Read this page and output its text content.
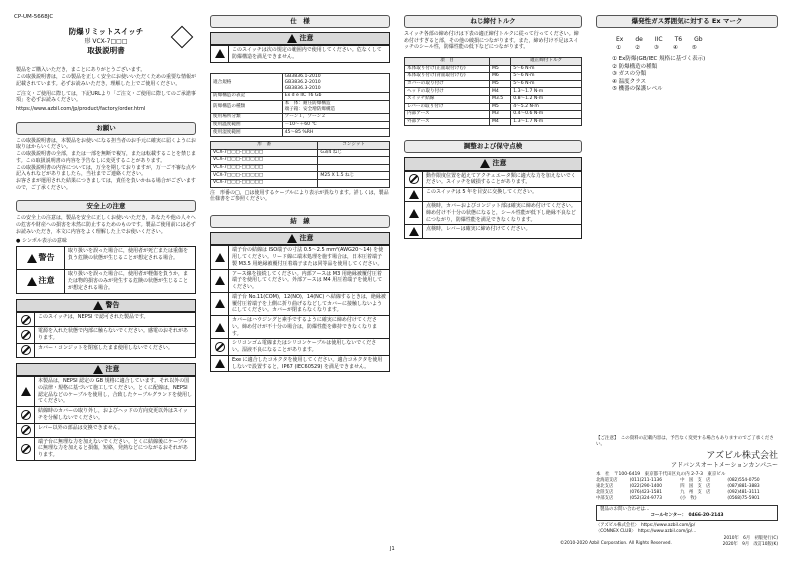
CP-UM-5668JC
防爆リミットスイッチ
形 VCX-7□□□
取扱説明書
製品をご購入いただき，まことにありがとうございます。
この取扱説明書は，この製品を正しく安全にお使いいただくための重要な情報が記載されています。必ずお読みいただき，理解した上でご使用ください。
ご注文・ご使用に際しては，下記URLより「ご注文・ご使用に際してのご承諾事項」を必ずお読みください。
https://www.azbil.com/jp/product/factory/order.html
お願い
この取扱説明書は，本製品をお使いになる担当者のお手元に確実に届くようにお取りはからいください。
この取扱説明書の全部，または一部を無断で複写，または転載することを禁じます。この取扱説明書の内容を予告なしに変更することがあります。
この取扱説明書の内容については，万全を期しておりますが，万一ご不審な点や記入もれなどがありましたら，当社までご連絡ください。
お客さまが運用された結果につきましては，責任を負いかねる場合がございますので，ご了承ください。
安全上の注意
この安全上の注意は，製品を安全に正しくお使いいただき，あなたや他の人々への危害や財産への損害を未然に防止するためのものです。製品ご使用前には必ずお読みいただき，本文に内容をよく理解した上でお使いください。
● シンボル表示の意味
警告
取り扱いを誤った場合に，使用者が死亡または重傷を負う危険の状態が生じることが想定される場合。
注意
取り扱いを誤った場合に，使用者が軽傷を負うか，または物的損害のみが発生する危険の状態が生じることが想定される場合。
警告
このスイッチは，NEPSI で認可された製品です。
電源を入れた状態で内部に触らないでください。感電のおそれがあります。
カバー・コンジットを閉塞したまま使用しないでください。
注意
本製品は，NEPSI 認定の GB 規格に適合しています。それ以外の国の法律・規格に基づいて施工してください。とくに配線は，NEPSI 認定品などのケーブルを使用し，合致したケーブルグランドを使用してください。
結線時のカバーの取り外し，およびヘッドの方向変更以外はスイッチを分解しないでください。
レバー以外の部品は交換できません。
端子台に無理な力を加えないでください。とくに結線後にケーブルに無理な力を加えると損傷，短絡，発熱などにつながるおそれがあります。
仕　様
注意
このスイッチは次の規定の範囲内で使用してください。危なくして防爆構造を満足できません。
適合規格	GB3836.1-2010
GB3836.2-2010
GB3836.3-2010
防爆構造の表記	Ex d e IIC T6 Gb
防爆構造の種類	本　体：耐圧防爆構造
端子箱：安全増防爆構造
使用場所分類	ゾーン１，ゾーン２
使用温度範囲	－10〜＋60 ℃
使用湿度範囲	45〜85 %RH
形　番	コンジット
VCX-7□□□-□□□□□	G3/4 ねじ
VCX-7□□□-□□□□□	
VCX-7□□□-□□□□□	
VCX-7□□□-□□□□□	M25 X 1.5 ねじ
VCX-7□□□-□□□□□	
注　形番の□，□は使用するケーブルにより表示が異なります。詳しくは，製品仕様書をご参照ください。
結　線
注意
端子台の結線は ISO端子の寸法 0.5〜2.5 mm²(AWG20〜14) を使用してください。リード線に端末処理を施す場合は，日本圧着端子製 M3.5 用絶縁被覆付圧着端子または同等品を使用してください。
アース線を接続してください。内部アースは M3 用絶縁被覆付圧着端子を使用してください。外部アースは M4 用圧着端子を使用してください。
端子台 No.11(COM)，12(NO)，14(NC) へ結線するときは，絶縁被覆付圧着端子を上側に折り曲げるなどしてカバーに接触しないようにしてください。カバーが閉まらなくなります。
カバーはハウジングと素手でするように確実に締め付けてください。締め付けが不十分の場合は，防爆性能を維持できなくなります。
シリコンゴム電線またはシリコンケーブルは使用しないでください。湿液不良になることがあります。
Exe に適合したコネクタを使用してください。適合コネクタを使用しないで設置すると，IP67 (IEC60529) を満足できません。
ねじ締付トルク
スイッチ各部の締め付けは下表の適正締付トルクに従って行ってください。締め付けすぎると部，その他の破損につながります。また，締め付け不足はスイッチのシール性，防爆性能の低下などにつながります。
項　目		適正締付トルク
本体取り付け(正面取付けむ)	M5	5〜6 N·m
本体取り付け(背面取付けむ)	M6	5〜6 N·m
カバーの取り付け	M5	5〜6 N·m
ヘッドの取り付け	M4	1.3〜1.7 N·m
スイッチ結線	M3.5	0.8〜1.2 N·m
レバーの取り付け	M5	4〜5.2 N·m
内部アース	M3	0.4〜0.6 N·m
外部アース	M4	1.3〜1.7 N·m
調整および保守点検
注意
動作限度位置を超えてアクチュエータ類に適大な力を加えないでください。スイッチを破損することがあります。
このスイッチは 5 年を目安に交換してください。
点検時，カバーおよびコンジット部は確実に締め付けてください。締め付け不十分の状態になると，シール性能が低下し絶縁不良などにつながり，防爆性能を満足できなくなります。
点検時，レバーは確実に締め付けてください。
爆発性ガス雰囲気に対する Ex マーク
Ex de IIC T6 Gb
①	②	③	④	⑤
① Ex防爆(GB/IEC 規格に基づく表示)
② 防爆構造の種類
③ ガスの分類
④ 温度クラス
⑤ 機器の保護レベル
【ご注意】　この資料の記載内容は，予告なく変更する場合もありますのでご了承ください。
アズビル株式会社
アドバンスオートメーションカンパニー
本　社　〒100-6419　東京都千代田区丸の内 2-7-3　東京ビル
北海道支店	(011)211-1136	中　国　支　店	(082)554-0750
東北支店	(022)290-1400	四　国　支　店	(087)881-3883
北陸支店	(076)423-1581	九　州　支　店	(092)481-3111
中部支店	(052)324-9773	(小　牧)	(0568)75-5901
製品のお問い合わせは…
コールセンター：　0466-20-2143
〈アズビル株式会社〉　https://www.azbil.com/jp/
〈CONNEX CLUB〉　https://www.azbil.com/jp/...
2010年　6月　初版発行(C)
2020年　9月　改訂10版(K)
©2010-2020 Azbil Corporation. All Rights Reserved.
J1
